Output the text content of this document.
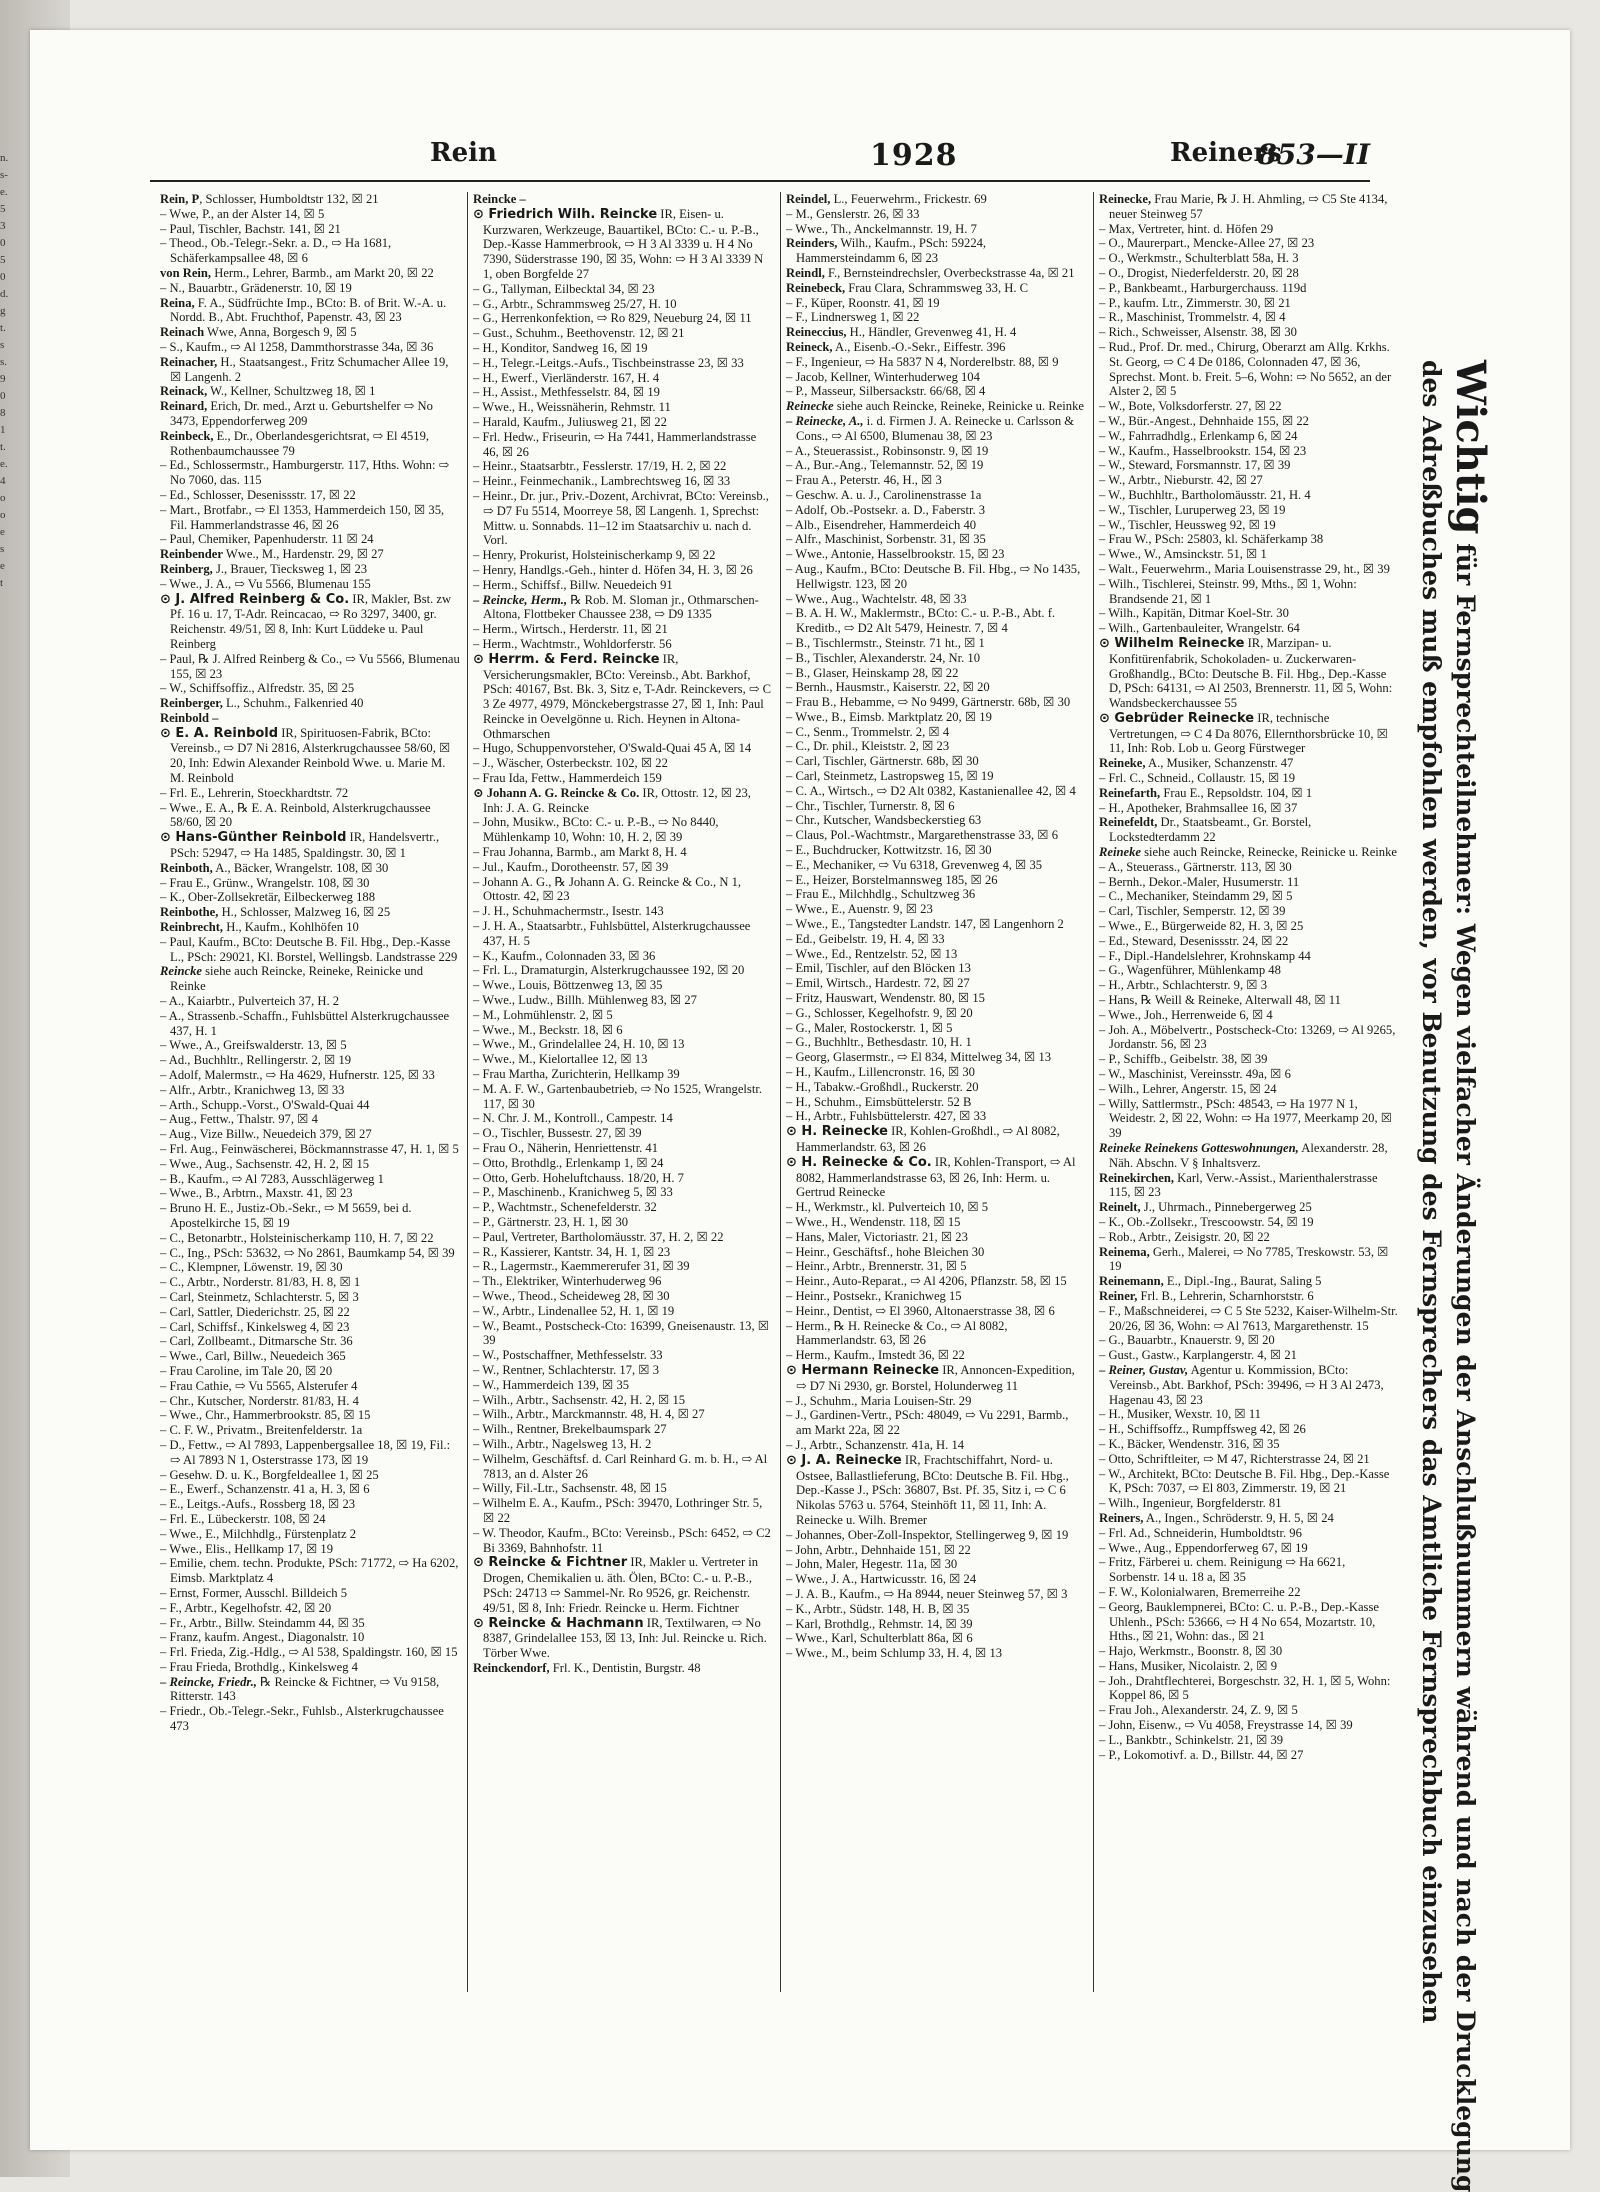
n.
s-
e.
5
3
0
5
0
d.
g
t.
s
s.
9
0
8
1
t.
e.
4
o
o
e
s
e
t
Rein	1928	Reiners
853—II

Rein, P, Schlosser, Humboldtstr 132, ☒ 21

– Wwe, P., an der Alster 14, ☒ 5

– Paul, Tischler, Bachstr. 141, ☒ 21

– Theod., Ob.-Telegr.-Sekr. a. D., ⇨ Ha 1681, Schäferkampsallee 48, ☒ 6

von Rein, Herm., Lehrer, Barmb., am Markt 20, ☒ 22

– N., Bauarbtr., Grädenerstr. 10, ☒ 19

Reina, F. A., Südfrüchte Imp., BCto: B. of Brit. W.-A. u. Nordd. B., Abt. Fruchthof, Papenstr. 43, ☒ 23

Reinach Wwe, Anna, Borgesch 9, ☒ 5

– S., Kaufm., ⇨ Al 1258, Dammthorstrasse 34a, ☒ 36

Reinacher, H., Staatsangest., Fritz Schumacher Allee 19, ☒ Langenh. 2

Reinack, W., Kellner, Schultzweg 18, ☒ 1

Reinard, Erich, Dr. med., Arzt u. Geburtshelfer ⇨ No 3473, Eppendorferweg 209

Reinbeck, E., Dr., Oberlandesgerichtsrat, ⇨ El 4519, Rothenbaumchaussee 79

– Ed., Schlossermstr., Hamburgerstr. 117, Hths. Wohn: ⇨ No 7060, das. 115

– Ed., Schlosser, Desenissstr. 17, ☒ 22

– Mart., Brotfabr., ⇨ El 1353, Hammerdeich 150, ☒ 35, Fil. Hammerlandstrasse 46, ☒ 26

– Paul, Chemiker, Papenhuderstr. 11 ☒ 24

Reinbender Wwe., M., Hardenstr. 29, ☒ 27

Reinberg, J., Brauer, Tiecksweg 1, ☒ 23

– Wwe., J. A., ⇨ Vu 5566, Blumenau 155

⊙ J. Alfred Reinberg & Co. IR, Makler, Bst. zw Pf. 16 u. 17, T-Adr. Reincacao, ⇨ Ro 3297, 3400, gr. Reichenstr. 49/51, ☒ 8, Inh: Kurt Lüddeke u. Paul Reinberg

– Paul, ℞ J. Alfred Reinberg & Co., ⇨ Vu 5566, Blumenau 155, ☒ 23

– W., Schiffsoffiz., Alfredstr. 35, ☒ 25

Reinberger, L., Schuhm., Falkenried 40

Reinbold –

⊙ E. A. Reinbold IR, Spirituosen-Fabrik, BCto: Vereinsb., ⇨ D7 Ni 2816, Alsterkrugchaussee 58/60, ☒ 20, Inh: Edwin Alexander Reinbold Wwe. u. Marie M. M. Reinbold

– Frl. E., Lehrerin, Stoeckhardtstr. 72

– Wwe., E. A., ℞ E. A. Reinbold, Alsterkrugchaussee 58/60, ☒ 20

⊙ Hans-Günther Reinbold IR, Handelsvertr., PSch: 52947, ⇨ Ha 1485, Spaldingstr. 30, ☒ 1

Reinboth, A., Bäcker, Wrangelstr. 108, ☒ 30

– Frau E., Grünw., Wrangelstr. 108, ☒ 30

– K., Ober-Zollsekretär, Eilbeckerweg 188

Reinbothe, H., Schlosser, Malzweg 16, ☒ 25

Reinbrecht, H., Kaufm., Kohlhöfen 10

– Paul, Kaufm., BCto: Deutsche B. Fil. Hbg., Dep.-Kasse L., PSch: 29021, Kl. Borstel, Wellingsb. Landstrasse 229

Reincke siehe auch Reincke, Reineke, Reinicke und Reinke

– A., Kaiarbtr., Pulverteich 37, H. 2

– A., Strassenb.-Schaffn., Fuhlsbüttel Alsterkrugchaussee 437, H. 1

– Wwe., A., Greifswalderstr. 13, ☒ 5

– Ad., Buchhltr., Rellingerstr. 2, ☒ 19

– Adolf, Malermstr., ⇨ Ha 4629, Hufnerstr. 125, ☒ 33

– Alfr., Arbtr., Kranichweg 13, ☒ 33

– Arth., Schupp.-Vorst., O'Swald-Quai 44

– Aug., Fettw., Thalstr. 97, ☒ 4

– Aug., Vize Billw., Neuedeich 379, ☒ 27

– Frl. Aug., Feinwäscherei, Böckmannstrasse 47, H. 1, ☒ 5

– Wwe., Aug., Sachsenstr. 42, H. 2, ☒ 15

– B., Kaufm., ⇨ Al 7283, Ausschlägerweg 1

– Wwe., B., Arbtrn., Maxstr. 41, ☒ 23

– Bruno H. E., Justiz-Ob.-Sekr., ⇨ M 5659, bei d. Apostelkirche 15, ☒ 19

– C., Betonarbtr., Holsteinischerkamp 110, H. 7, ☒ 22

– C., Ing., PSch: 53632, ⇨ No 2861, Baumkamp 54, ☒ 39

– C., Klempner, Löwenstr. 19, ☒ 30

– C., Arbtr., Norderstr. 81/83, H. 8, ☒ 1

– Carl, Steinmetz, Schlachterstr. 5, ☒ 3

– Carl, Sattler, Diederichstr. 25, ☒ 22

– Carl, Schiffsf., Kinkelsweg 4, ☒ 23

– Carl, Zollbeamt., Ditmarsche Str. 36

– Wwe., Carl, Billw., Neuedeich 365

– Frau Caroline, im Tale 20, ☒ 20

– Frau Cathie, ⇨ Vu 5565, Alsterufer 4

– Chr., Kutscher, Norderstr. 81/83, H. 4

– Wwe., Chr., Hammerbrookstr. 85, ☒ 15

– C. F. W., Privatm., Breitenfelderstr. 1a

– D., Fettw., ⇨ Al 7893, Lappenbergsallee 18, ☒ 19, Fil.: ⇨ Al 7893 N 1, Osterstrasse 173, ☒ 19

– Gesehw. D. u. K., Borgfeldeallee 1, ☒ 25

– E., Ewerf., Schanzenstr. 41 a, H. 3, ☒ 6

– E., Leitgs.-Aufs., Rossberg 18, ☒ 23

– Frl. E., Lübeckerstr. 108, ☒ 24

– Wwe., E., Milchhdlg., Fürstenplatz 2

– Wwe., Elis., Hellkamp 17, ☒ 19

– Emilie, chem. techn. Produkte, PSch: 71772, ⇨ Ha 6202, Eimsb. Marktplatz 4

– Ernst, Former, Ausschl. Billdeich 5

– F., Arbtr., Kegelhofstr. 42, ☒ 20

– Fr., Arbtr., Billw. Steindamm 44, ☒ 35

– Franz, kaufm. Angest., Diagonalstr. 10

– Frl. Frieda, Zig.-Hdlg., ⇨ Al 538, Spaldingstr. 160, ☒ 15

– Frau Frieda, Brothdlg., Kinkelsweg 4

– Reincke, Friedr., ℞ Reincke & Fichtner, ⇨ Vu 9158, Ritterstr. 143

– Friedr., Ob.-Telegr.-Sekr., Fuhlsb., Alsterkrugchaussee 473

Reincke –

⊙ Friedrich Wilh. Reincke IR, Eisen- u. Kurzwaren, Werkzeuge, Bauartikel, BCto: C.- u. P.-B., Dep.-Kasse Hammerbrook, ⇨ H 3 Al 3339 u. H 4 No 7390, Süderstrasse 190, ☒ 35, Wohn: ⇨ H 3 Al 3339 N 1, oben Borgfelde 27

– G., Tallyman, Eilbecktal 34, ☒ 23

– G., Arbtr., Schrammsweg 25/27, H. 10

– G., Herrenkonfektion, ⇨ Ro 829, Neueburg 24, ☒ 11

– Gust., Schuhm., Beethovenstr. 12, ☒ 21

– H., Konditor, Sandweg 16, ☒ 19

– H., Telegr.-Leitgs.-Aufs., Tischbeinstrasse 23, ☒ 33

– H., Ewerf., Vierländerstr. 167, H. 4

– H., Assist., Methfesselstr. 84, ☒ 19

– Wwe., H., Weissnäherin, Rehmstr. 11

– Harald, Kaufm., Juliusweg 21, ☒ 22

– Frl. Hedw., Friseurin, ⇨ Ha 7441, Hammerlandstrasse 46, ☒ 26

– Heinr., Staatsarbtr., Fesslerstr. 17/19, H. 2, ☒ 22

– Heinr., Feinmechanik., Lambrechtsweg 16, ☒ 33

– Heinr., Dr. jur., Priv.-Dozent, Archivrat, BCto: Vereinsb., ⇨ D7 Fu 5514, Moorreye 58, ☒ Langenh. 1, Sprechst: Mittw. u. Sonnabds. 11–12 im Staatsarchiv u. nach d. Vorl.

– Henry, Prokurist, Holsteinischerkamp 9, ☒ 22

– Henry, Handlgs.-Geh., hinter d. Höfen 34, H. 3, ☒ 26

– Herm., Schiffsf., Billw. Neuedeich 91

– Reincke, Herm., ℞ Rob. M. Sloman jr., Othmarschen-Altona, Flottbeker Chaussee 238, ⇨ D9 1335

– Herm., Wirtsch., Herderstr. 11, ☒ 21

– Herm., Wachtmstr., Wohldorferstr. 56

⊙ Herrm. & Ferd. Reincke IR, Versicherungsmakler, BCto: Vereinsb., Abt. Barkhof, PSch: 40167, Bst. Bk. 3, Sitz e, T-Adr. Reinckevers, ⇨ C 3 Ze 4977, 4979, Mönckebergstrasse 27, ☒ 1, Inh: Paul Reincke in Oevelgönne u. Rich. Heynen in Altona-Othmarschen

– Hugo, Schuppenvorsteher, O'Swald-Quai 45 A, ☒ 14

– J., Wäscher, Osterbeckstr. 102, ☒ 22

– Frau Ida, Fettw., Hammerdeich 159

⊙ Johann A. G. Reincke & Co. IR, Ottostr. 12, ☒ 23, Inh: J. A. G. Reincke

– John, Musikw., BCto: C.- u. P.-B., ⇨ No 8440, Mühlenkamp 10, Wohn: 10, H. 2, ☒ 39

– Frau Johanna, Barmb., am Markt 8, H. 4

– Jul., Kaufm., Dorotheenstr. 57, ☒ 39

– Johann A. G., ℞ Johann A. G. Reincke & Co., N 1, Ottostr. 42, ☒ 23

– J. H., Schuhmachermstr., Isestr. 143

– J. H. A., Staatsarbtr., Fuhlsbüttel, Alsterkrugchaussee 437, H. 5

– K., Kaufm., Colonnaden 33, ☒ 36

– Frl. L., Dramaturgin, Alsterkrugchaussee 192, ☒ 20

– Wwe., Louis, Böttzenweg 13, ☒ 35

– Wwe., Ludw., Billh. Mühlenweg 83, ☒ 27

– M., Lohmühlenstr. 2, ☒ 5

– Wwe., M., Beckstr. 18, ☒ 6

– Wwe., M., Grindelallee 24, H. 10, ☒ 13

– Wwe., M., Kielortallee 12, ☒ 13

– Frau Martha, Zurichterin, Hellkamp 39

– M. A. F. W., Gartenbaubetrieb, ⇨ No 1525, Wrangelstr. 117, ☒ 30

– N. Chr. J. M., Kontroll., Campestr. 14

– O., Tischler, Bussestr. 27, ☒ 39

– Frau O., Näherin, Henriettenstr. 41

– Otto, Brothdlg., Erlenkamp 1, ☒ 24

– Otto, Gerb. Hoheluftchauss. 18/20, H. 7

– P., Maschinenb., Kranichweg 5, ☒ 33

– P., Wachtmstr., Schenefelderstr. 32

– P., Gärtnerstr. 23, H. 1, ☒ 30

– Paul, Vertreter, Bartholomäusstr. 37, H. 2, ☒ 22

– R., Kassierer, Kantstr. 34, H. 1, ☒ 23

– R., Lagermstr., Kaemmererufer 31, ☒ 39

– Th., Elektriker, Winterhuderweg 96

– Wwe., Theod., Scheideweg 28, ☒ 30

– W., Arbtr., Lindenallee 52, H. 1, ☒ 19

– W., Beamt., Postscheck-Cto: 16399, Gneisenaustr. 13, ☒ 39

– W., Postschaffner, Methfesselstr. 33

– W., Rentner, Schlachterstr. 17, ☒ 3

– W., Hammerdeich 139, ☒ 35

– Wilh., Arbtr., Sachsenstr. 42, H. 2, ☒ 15

– Wilh., Arbtr., Marckmannstr. 48, H. 4, ☒ 27

– Wilh., Rentner, Brekelbaumspark 27

– Wilh., Arbtr., Nagelsweg 13, H. 2

– Wilhelm, Geschäftsf. d. Carl Reinhard G. m. b. H., ⇨ Al 7813, an d. Alster 26

– Willy, Fil.-Ltr., Sachsenstr. 48, ☒ 15

– Wilhelm E. A., Kaufm., PSch: 39470, Lothringer Str. 5, ☒ 22

– W. Theodor, Kaufm., BCto: Vereinsb., PSch: 6452, ⇨ C2 Bi 3369, Bahnhofstr. 11

⊙ Reincke & Fichtner IR, Makler u. Vertreter in Drogen, Chemikalien u. äth. Ölen, BCto: C.- u. P.-B., PSch: 24713 ⇨ Sammel-Nr. Ro 9526, gr. Reichenstr. 49/51, ☒ 8, Inh: Friedr. Reincke u. Herm. Fichtner

⊙ Reincke & Hachmann IR, Textilwaren, ⇨ No 8387, Grindelallee 153, ☒ 13, Inh: Jul. Reincke u. Rich. Törber Wwe.

Reinckendorf, Frl. K., Dentistin, Burgstr. 48

Reindel, L., Feuerwehrm., Frickestr. 69

– M., Genslerstr. 26, ☒ 33

– Wwe., Th., Anckelmannstr. 19, H. 7

Reinders, Wilh., Kaufm., PSch: 59224, Hammersteindamm 6, ☒ 23

Reindl, F., Bernsteindrechsler, Overbeckstrasse 4a, ☒ 21

Reinebeck, Frau Clara, Schrammsweg 33, H. C

– F., Küper, Roonstr. 41, ☒ 19

– F., Lindnersweg 1, ☒ 22

Reineccius, H., Händler, Grevenweg 41, H. 4

Reineck, A., Eisenb.-O.-Sekr., Eiffestr. 396

– F., Ingenieur, ⇨ Ha 5837 N 4, Norderelbstr. 88, ☒ 9

– Jacob, Kellner, Winterhuderweg 104

– P., Masseur, Silbersackstr. 66/68, ☒ 4

Reinecke siehe auch Reincke, Reineke, Reinicke u. Reinke

– Reinecke, A., i. d. Firmen J. A. Reinecke u. Carlsson & Cons., ⇨ Al 6500, Blumenau 38, ☒ 23

– A., Steuerassist., Robinsonstr. 9, ☒ 19

– A., Bur.-Ang., Telemannstr. 52, ☒ 19

– Frau A., Peterstr. 46, H., ☒ 3

– Geschw. A. u. J., Carolinenstrasse 1a

– Adolf, Ob.-Postsekr. a. D., Faberstr. 3

– Alb., Eisendreher, Hammerdeich 40

– Alfr., Maschinist, Sorbenstr. 31, ☒ 35

– Wwe., Antonie, Hasselbrookstr. 15, ☒ 23

– Aug., Kaufm., BCto: Deutsche B. Fil. Hbg., ⇨ No 1435, Hellwigstr. 123, ☒ 20

– Wwe., Aug., Wachtelstr. 48, ☒ 33

– B. A. H. W., Maklermstr., BCto: C.- u. P.-B., Abt. f. Kreditb., ⇨ D2 Alt 5479, Heinestr. 7, ☒ 4

– B., Tischlermstr., Steinstr. 71 ht., ☒ 1

– B., Tischler, Alexanderstr. 24, Nr. 10

– B., Glaser, Heinskamp 28, ☒ 22

– Bernh., Hausmstr., Kaiserstr. 22, ☒ 20

– Frau B., Hebamme, ⇨ No 9499, Gärtnerstr. 68b, ☒ 30

– Wwe., B., Eimsb. Marktplatz 20, ☒ 19

– C., Senm., Trommelstr. 2, ☒ 4

– C., Dr. phil., Kleiststr. 2, ☒ 23

– Carl, Tischler, Gärtnerstr. 68b, ☒ 30

– Carl, Steinmetz, Lastropsweg 15, ☒ 19

– C. A., Wirtsch., ⇨ D2 Alt 0382, Kastanienallee 42, ☒ 4

– Chr., Tischler, Turnerstr. 8, ☒ 6

– Chr., Kutscher, Wandsbeckerstieg 63

– Claus, Pol.-Wachtmstr., Margarethenstrasse 33, ☒ 6

– E., Buchdrucker, Kottwitzstr. 16, ☒ 30

– E., Mechaniker, ⇨ Vu 6318, Grevenweg 4, ☒ 35

– E., Heizer, Borstelmannsweg 185, ☒ 26

– Frau E., Milchhdlg., Schultzweg 36

– Wwe., E., Auenstr. 9, ☒ 23

– Wwe., E., Tangstedter Landstr. 147, ☒ Langenhorn 2

– Ed., Geibelstr. 19, H. 4, ☒ 33

– Wwe., Ed., Rentzelstr. 52, ☒ 13

– Emil, Tischler, auf den Blöcken 13

– Emil, Wirtsch., Hardestr. 72, ☒ 27

– Fritz, Hauswart, Wendenstr. 80, ☒ 15

– G., Schlosser, Kegelhofstr. 9, ☒ 20

– G., Maler, Rostockerstr. 1, ☒ 5

– G., Buchhltr., Bethesdastr. 10, H. 1

– Georg, Glasermstr., ⇨ El 834, Mittelweg 34, ☒ 13

– H., Kaufm., Lillencronstr. 16, ☒ 30

– H., Tabakw.-Großhdl., Ruckerstr. 20

– H., Schuhm., Eimsbüttelerstr. 52 B

– H., Arbtr., Fuhlsbüttelerstr. 427, ☒ 33

⊙ H. Reinecke IR, Kohlen-Großhdl., ⇨ Al 8082, Hammerlandstr. 63, ☒ 26

⊙ H. Reinecke & Co. IR, Kohlen-Transport, ⇨ Al 8082, Hammerlandstrasse 63, ☒ 26, Inh: Herm. u. Gertrud Reinecke

– H., Werkmstr., kl. Pulverteich 10, ☒ 5

– Wwe., H., Wendenstr. 118, ☒ 15

– Hans, Maler, Victoriastr. 21, ☒ 23

– Heinr., Geschäftsf., hohe Bleichen 30

– Heinr., Arbtr., Brennerstr. 31, ☒ 5

– Heinr., Auto-Reparat., ⇨ Al 4206, Pflanzstr. 58, ☒ 15

– Heinr., Postsekr., Kranichweg 15

– Heinr., Dentist, ⇨ El 3960, Altonaerstrasse 38, ☒ 6

– Herm., ℞ H. Reinecke & Co., ⇨ Al 8082, Hammerlandstr. 63, ☒ 26

– Herm., Kaufm., Imstedt 36, ☒ 22

⊙ Hermann Reinecke IR, Annoncen-Expedition, ⇨ D7 Ni 2930, gr. Borstel, Holunderweg 11

– J., Schuhm., Maria Louisen-Str. 29

– J., Gardinen-Vertr., PSch: 48049, ⇨ Vu 2291, Barmb., am Markt 22a, ☒ 22

– J., Arbtr., Schanzenstr. 41a, H. 14

⊙ J. A. Reinecke IR, Frachtschiffahrt, Nord- u. Ostsee, Ballastlieferung, BCto: Deutsche B. Fil. Hbg., Dep.-Kasse J., PSch: 36807, Bst. Pf. 35, Sitz i, ⇨ C 6 Nikolas 5763 u. 5764, Steinhöft 11, ☒ 11, Inh: A. Reinecke u. Wilh. Bremer

– Johannes, Ober-Zoll-Inspektor, Stellingerweg 9, ☒ 19

– John, Arbtr., Dehnhaide 151, ☒ 22

– John, Maler, Hegestr. 11a, ☒ 30

– Wwe., J. A., Hartwicusstr. 16, ☒ 24

– J. A. B., Kaufm., ⇨ Ha 8944, neuer Steinweg 57, ☒ 3

– K., Arbtr., Südstr. 148, H. B, ☒ 35

– Karl, Brothdlg., Rehmstr. 14, ☒ 39

– Wwe., Karl, Schulterblatt 86a, ☒ 6

– Wwe., M., beim Schlump 33, H. 4, ☒ 13

Reinecke, Frau Marie, ℞ J. H. Ahmling, ⇨ C5 Ste 4134, neuer Steinweg 57

– Max, Vertreter, hint. d. Höfen 29

– O., Maurerpart., Mencke-Allee 27, ☒ 23

– O., Werkmstr., Schulterblatt 58a, H. 3

– O., Drogist, Niederfelderstr. 20, ☒ 28

– P., Bankbeamt., Harburgerchauss. 119d

– P., kaufm. Ltr., Zimmerstr. 30, ☒ 21

– R., Maschinist, Trommelstr. 4, ☒ 4

– Rich., Schweisser, Alsenstr. 38, ☒ 30

– Rud., Prof. Dr. med., Chirurg, Oberarzt am Allg. Krkhs. St. Georg, ⇨ C 4 De 0186, Colonnaden 47, ☒ 36, Sprechst. Mont. b. Freit. 5–6, Wohn: ⇨ No 5652, an der Alster 2, ☒ 5

– W., Bote, Volksdorferstr. 27, ☒ 22

– W., Bür.-Angest., Dehnhaide 155, ☒ 22

– W., Fahrradhdlg., Erlenkamp 6, ☒ 24

– W., Kaufm., Hasselbrookstr. 154, ☒ 23

– W., Steward, Forsmannstr. 17, ☒ 39

– W., Arbtr., Nieburstr. 42, ☒ 27

– W., Buchhltr., Bartholomäusstr. 21, H. 4

– W., Tischler, Luruperweg 23, ☒ 19

– W., Tischler, Heussweg 92, ☒ 19

– Frau W., PSch: 25803, kl. Schäferkamp 38

– Wwe., W., Amsinckstr. 51, ☒ 1

– Walt., Feuerwehrm., Maria Louisenstrasse 29, ht., ☒ 39

– Wilh., Tischlerei, Steinstr. 99, Mths., ☒ 1, Wohn: Brandsende 21, ☒ 1

– Wilh., Kapitän, Ditmar Koel-Str. 30

– Wilh., Gartenbauleiter, Wrangelstr. 64

⊙ Wilhelm Reinecke IR, Marzipan- u. Konfitürenfabrik, Schokoladen- u. Zuckerwaren-Großhandlg., BCto: Deutsche B. Fil. Hbg., Dep.-Kasse D, PSch: 64131, ⇨ Al 2503, Brennerstr. 11, ☒ 5, Wohn: Wandsbeckerchaussee 55

⊙ Gebrüder Reinecke IR, technische Vertretungen, ⇨ C 4 Da 8076, Ellernthorsbrücke 10, ☒ 11, Inh: Rob. Lob u. Georg Fürstweger

Reineke, A., Musiker, Schanzenstr. 47

– Frl. C., Schneid., Collaustr. 15, ☒ 19

Reinefarth, Frau E., Repsoldstr. 104, ☒ 1

– H., Apotheker, Brahmsallee 16, ☒ 37

Reinefeldt, Dr., Staatsbeamt., Gr. Borstel, Lockstedterdamm 22

Reineke siehe auch Reincke, Reinecke, Reinicke u. Reinke

– A., Steuerass., Gärtnerstr. 113, ☒ 30

– Bernh., Dekor.-Maler, Husumerstr. 11

– C., Mechaniker, Steindamm 29, ☒ 5

– Carl, Tischler, Semperstr. 12, ☒ 39

– Wwe., E., Bürgerweide 82, H. 3, ☒ 25

– Ed., Steward, Desenissstr. 24, ☒ 22

– F., Dipl.-Handelslehrer, Krohnskamp 44

– G., Wagenführer, Mühlenkamp 48

– H., Arbtr., Schlachterstr. 9, ☒ 3

– Hans, ℞ Weill & Reineke, Alterwall 48, ☒ 11

– Wwe., Joh., Herrenweide 6, ☒ 4

– Joh. A., Möbelvertr., Postscheck-Cto: 13269, ⇨ Al 9265, Jordanstr. 56, ☒ 23

– P., Schiffb., Geibelstr. 38, ☒ 39

– W., Maschinist, Vereinsstr. 49a, ☒ 6

– Wilh., Lehrer, Angerstr. 15, ☒ 24

– Willy, Sattlermstr., PSch: 48543, ⇨ Ha 1977 N 1, Weidestr. 2, ☒ 22, Wohn: ⇨ Ha 1977, Meerkamp 20, ☒ 39

Reineke Reinekens Gotteswohnungen, Alexanderstr. 28, Näh. Abschn. V § Inhaltsverz.

Reinekirchen, Karl, Verw.-Assist., Marienthalerstrasse 115, ☒ 23

Reinelt, J., Uhrmach., Pinnebergerweg 25

– K., Ob.-Zollsekr., Trescoowstr. 54, ☒ 19

– Rob., Arbtr., Zeisigstr. 20, ☒ 22

Reinema, Gerh., Malerei, ⇨ No 7785, Treskowstr. 53, ☒ 19

Reinemann, E., Dipl.-Ing., Baurat, Saling 5

Reiner, Frl. B., Lehrerin, Scharnhorststr. 6

– F., Maßschneiderei, ⇨ C 5 Ste 5232, Kaiser-Wilhelm-Str. 20/26, ☒ 36, Wohn: ⇨ Al 7613, Margarethenstr. 15

– G., Bauarbtr., Knauerstr. 9, ☒ 20

– Gust., Gastw., Karplangerstr. 4, ☒ 21

– Reiner, Gustav, Agentur u. Kommission, BCto: Vereinsb., Abt. Barkhof, PSch: 39496, ⇨ H 3 Al 2473, Hagenau 43, ☒ 23

– H., Musiker, Wexstr. 10, ☒ 11

– H., Schiffsoffz., Rumpffsweg 42, ☒ 26

– K., Bäcker, Wendenstr. 316, ☒ 35

– Otto, Schriftleiter, ⇨ M 47, Richterstrasse 24, ☒ 21

– W., Architekt, BCto: Deutsche B. Fil. Hbg., Dep.-Kasse K, PSch: 7037, ⇨ El 803, Zimmerstr. 19, ☒ 21

– Wilh., Ingenieur, Borgfelderstr. 81

Reiners, A., Ingen., Schröderstr. 9, H. 5, ☒ 24

– Frl. Ad., Schneiderin, Humboldtstr. 96

– Wwe., Aug., Eppendorferweg 67, ☒ 19

– Fritz, Färberei u. chem. Reinigung ⇨ Ha 6621, Sorbenstr. 14 u. 18 a, ☒ 35

– F. W., Kolonialwaren, Bremerreihe 22

– Georg, Bauklempnerei, BCto: C. u. P.-B., Dep.-Kasse Uhlenh., PSch: 53666, ⇨ H 4 No 654, Mozartstr. 10, Hths., ☒ 21, Wohn: das., ☒ 21

– Hajo, Werkmstr., Boonstr. 8, ☒ 30

– Hans, Musiker, Nicolaistr. 2, ☒ 9

– Joh., Drahtflechterei, Borgeschstr. 32, H. 1, ☒ 5, Wohn: Koppel 86, ☒ 5

– Frau Joh., Alexanderstr. 24, Z. 9, ☒ 5

– John, Eisenw., ⇨ Vu 4058, Freystrasse 14, ☒ 39

– L., Bankbtr., Schinkelstr. 21, ☒ 39

– P., Lokomotivf. a. D., Billstr. 44, ☒ 27

Wichtig für Fernsprechteilnehmer: Wegen vielfacher Änderungen der Anschlußnummern während und nach der Drucklegung
des Adreßbuches muß empfohlen werden, vor Benutzung des Fernsprechers das Amtliche Fernsprechbuch einzusehen
